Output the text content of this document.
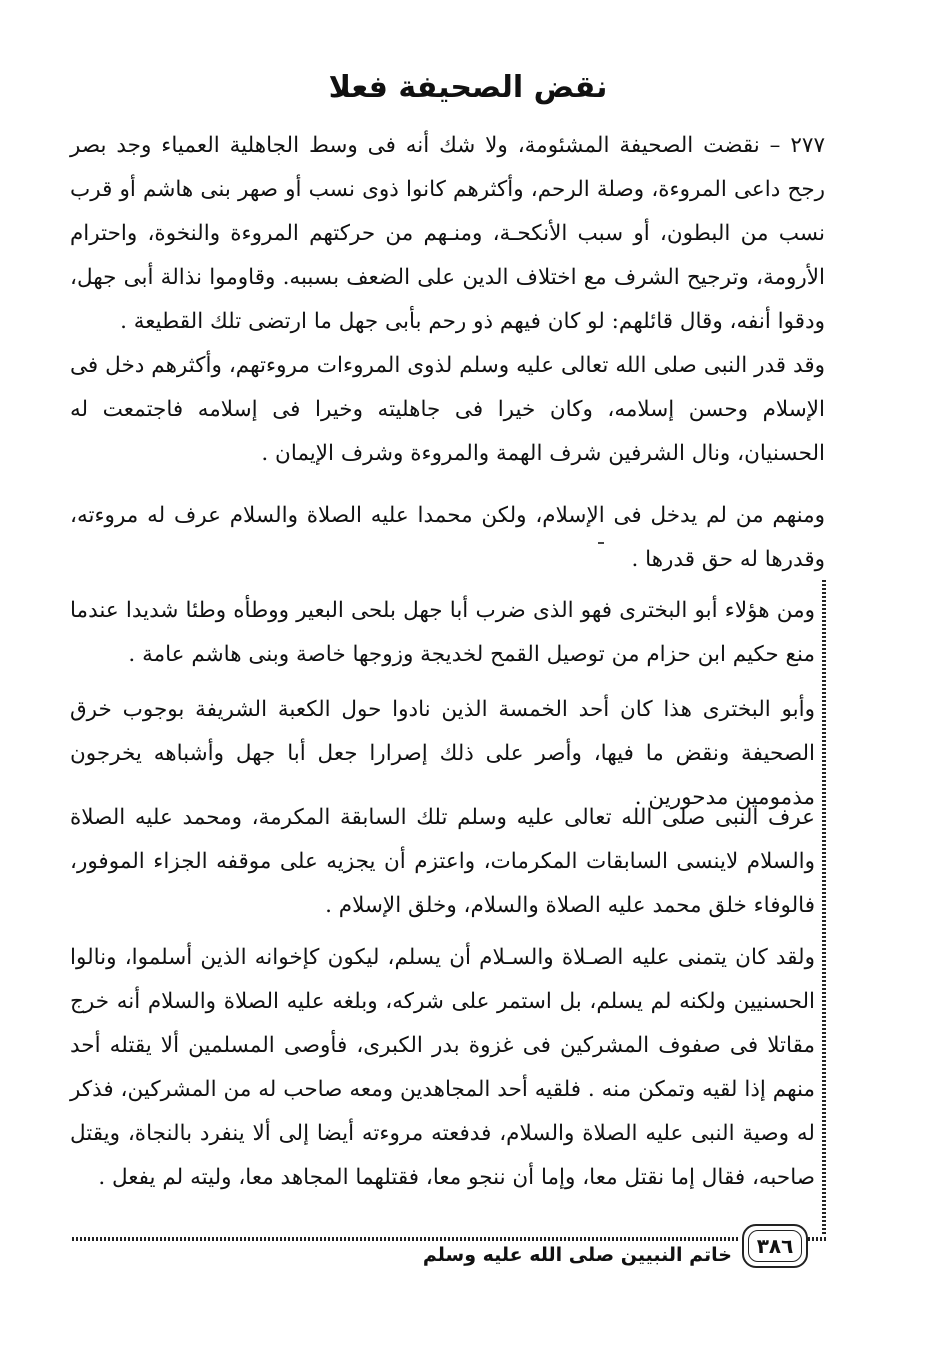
نقض الصحيفة فعلا

٢٧٧ – نقضت الصحيفة المشئومة، ولا شك أنه فى وسط الجاهلية العمياء وجد بصر رجح داعى المروءة، وصلة الرحم، وأكثرهم كانوا ذوى نسب أو صهر بنى هاشم أو قرب نسب من البطون، أو سبب الأنكحـة، ومنـهم من حركتهم المروءة والنخوة، واحترام الأرومة، وترجيح الشرف مع اختلاف الدين على الضعف بسببه. وقاوموا نذالة أبى جهل، ودقوا أنفه، وقال قائلهم: لو كان فيهم ذو رحم بأبى جهل ما ارتضى تلك القطيعة .

وقد قدر النبى صلى الله تعالى عليه وسلم لذوى المروءات مروءتهم، وأكثرهم دخل فى الإسلام وحسن إسلامه، وكان خيرا فى جاهليته وخيرا فى إسلامه فاجتمعت له الحسنيان، ونال الشرفين شرف الهمة والمروءة وشرف الإيمان .

ومنهم من لم يدخل فى الإسلام، ولكن محمدا عليه الصلاة والسلام عرف له مروءته، وقدرها له حق قدرها .

ومن هؤلاء أبو البخترى فهو الذى ضرب أبا جهل بلحى البعير ووطأه وطئا شديدا عندما منع حكيم ابن حزام من توصيل القمح لخديجة وزوجها خاصة وبنى هاشم عامة .

وأبو البخترى هذا كان أحد الخمسة الذين نادوا حول الكعبة الشريفة بوجوب خرق الصحيفة ونقض ما فيها، وأصر على ذلك إصرارا جعل أبا جهل وأشباهه يخرجون مذمومين مدحورين .

عرف النبى صلى الله تعالى عليه وسلم تلك السابقة المكرمة، ومحمد عليه الصلاة والسلام لاينسى السابقات المكرمات، واعتزم أن يجزيه على موقفه الجزاء الموفور، فالوفاء خلق محمد عليه الصلاة والسلام، وخلق الإسلام .

ولقد كان يتمنى عليه الصـلاة والسـلام أن يسلم، ليكون كإخوانه الذين أسلموا، ونالوا الحسنيين ولكنه لم يسلم، بل استمر على شركه، وبلغه عليه الصلاة والسلام أنه خرج مقاتلا فى صفوف المشركين فى غزوة بدر الكبرى، فأوصى المسلمين ألا يقتله أحد منهم إذا لقيه وتمكن منه . فلقيه أحد المجاهدين ومعه صاحب له من المشركين، فذكر له وصية النبى عليه الصلاة والسلام، فدفعته مروءته أيضا إلى ألا ينفرد بالنجاة، ويقتل صاحبه، فقال إما نقتل معا، وإما أن ننجو معا، فقتلهما المجاهد معا، وليته لم يفعل .

٣٨٦
خاتم النبيين صلى الله عليه وسلم
